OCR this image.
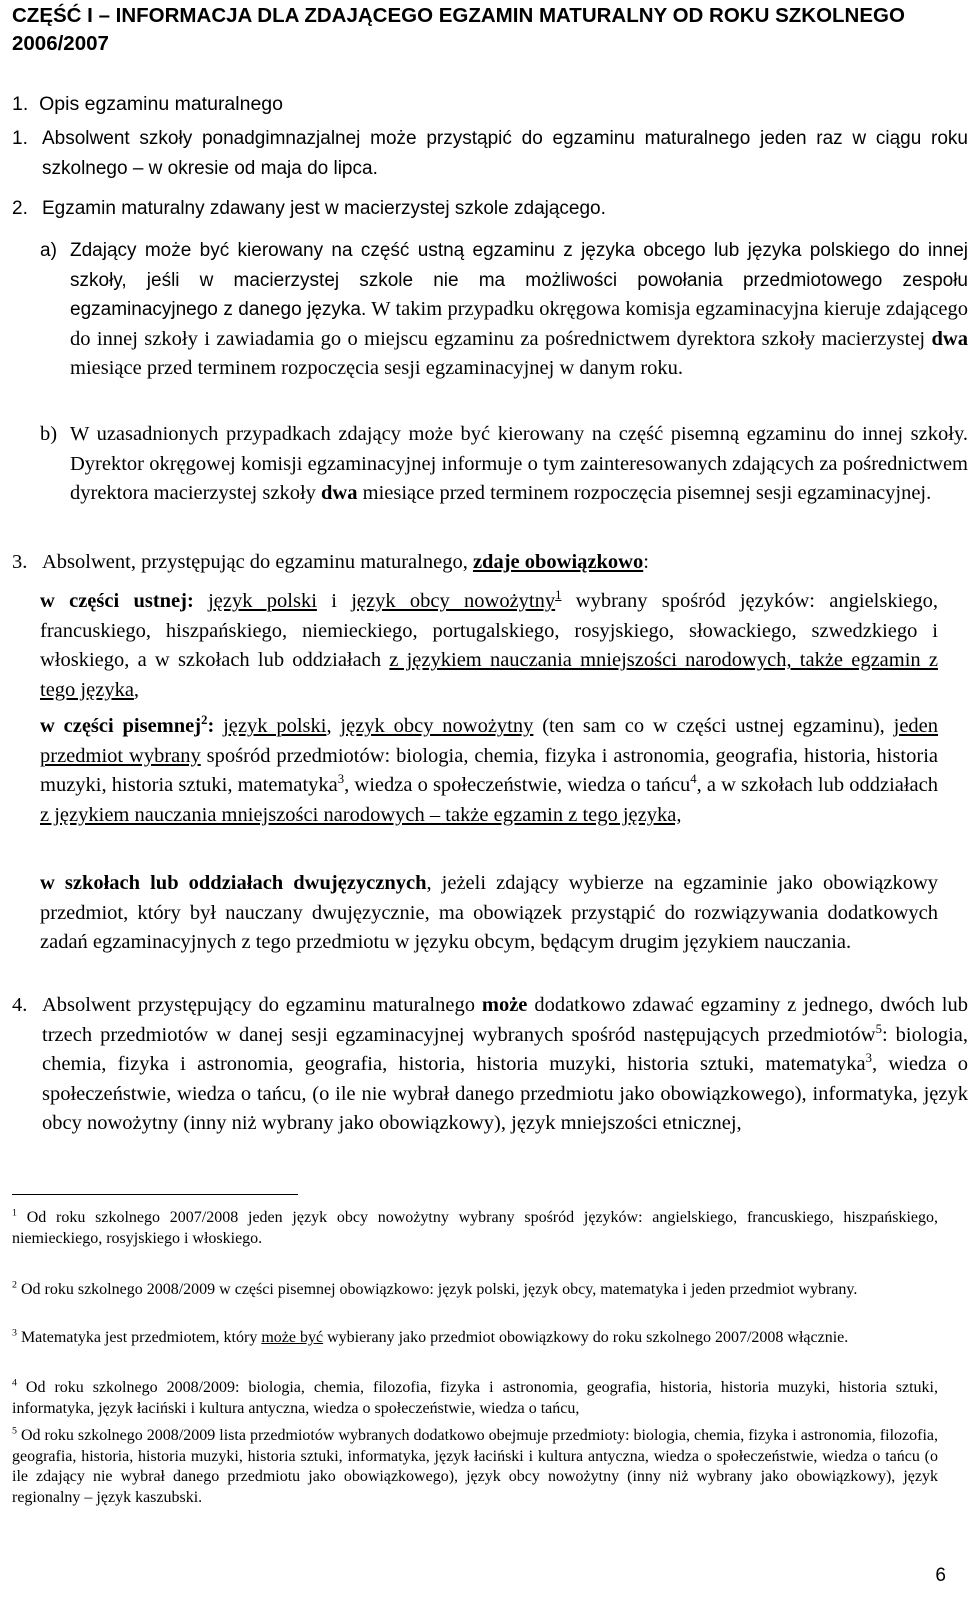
CZĘŚĆ I – INFORMACJA DLA ZDAJĄCEGO EGZAMIN MATURALNY OD ROKU SZKOLNEGO 2006/2007

1. Opis egzaminu maturalnego

1. Absolwent szkoły ponadgimnazjalnej może przystąpić do egzaminu maturalnego jeden raz w ciągu roku szkolnego – w okresie od maja do lipca.

2. Egzamin maturalny zdawany jest w macierzystej szkole zdającego.

a) Zdający może być kierowany na część ustną egzaminu z języka obcego lub języka polskiego do innej szkoły, jeśli w macierzystej szkole nie ma możliwości powołania przedmiotowego zespołu egzaminacyjnego z danego języka. W takim przypadku okręgowa komisja egzaminacyjna kieruje zdającego do innej szkoły i zawiadamia go o miejscu egzaminu za pośrednictwem dyrektora szkoły macierzystej dwa miesiące przed terminem rozpoczęcia sesji egzaminacyjnej w danym roku.

b) W uzasadnionych przypadkach zdający może być kierowany na część pisemną egzaminu do innej szkoły. Dyrektor okręgowej komisji egzaminacyjnej informuje o tym zainteresowanych zdających za pośrednictwem dyrektora macierzystej szkoły dwa miesiące przed terminem rozpoczęcia pisemnej sesji egzaminacyjnej.

3. Absolwent, przystępując do egzaminu maturalnego, zdaje obowiązkowo:

w części ustnej: język polski i język obcy nowożytny$^1$ wybrany spośród języków: angielskiego, francuskiego, hiszpańskiego, niemieckiego, portugalskiego, rosyjskiego, słowackiego, szwedzkiego i włoskiego, a w szkołach lub oddziałach z językiem nauczania mniejszości narodowych, także egzamin z tego języka,

w części pisemnej$^2$: język polski, język obcy nowożytny (ten sam co w części ustnej egzaminu), jeden przedmiot wybrany spośród przedmiotów: biologia, chemia, fizyka i astronomia, geografia, historia, historia muzyki, historia sztuki, matematyka$^3$, wiedza o społeczeństwie, wiedza o tańcu$^4$, a w szkołach lub oddziałach z językiem nauczania mniejszości narodowych – także egzamin z tego języka,

w szkołach lub oddziałach dwujęzycznych, jeżeli zdający wybierze na egzaminie jako obowiązkowy przedmiot, który był nauczany dwujęzycznie, ma obowiązek przystąpić do rozwiązywania dodatkowych zadań egzaminacyjnych z tego przedmiotu w języku obcym, będącym drugim językiem nauczania.

4. Absolwent przystępujący do egzaminu maturalnego może dodatkowo zdawać egzaminy z jednego, dwóch lub trzech przedmiotów w danej sesji egzaminacyjnej wybranych spośród następujących przedmiotów$^5$: biologia, chemia, fizyka i astronomia, geografia, historia, historia muzyki, historia sztuki, matematyka$^3$, wiedza o społeczeństwie, wiedza o tańcu, (o ile nie wybrał danego przedmiotu jako obowiązkowego), informatyka, język obcy nowożytny (inny niż wybrany jako obowiązkowy), język mniejszości etnicznej,

$^1$ Od roku szkolnego 2007/2008 jeden język obcy nowożytny wybrany spośród języków: angielskiego, francuskiego, hiszpańskiego, niemieckiego, rosyjskiego i włoskiego.

$^2$ Od roku szkolnego 2008/2009 w części pisemnej obowiązkowo: język polski, język obcy, matematyka i jeden przedmiot wybrany.

$^3$ Matematyka jest przedmiotem, który może być wybierany jako przedmiot obowiązkowy do roku szkolnego 2007/2008 włącznie.

$^4$ Od roku szkolnego 2008/2009: biologia, chemia, filozofia, fizyka i astronomia, geografia, historia, historia muzyki, historia sztuki, informatyka, język łaciński i kultura antyczna, wiedza o społeczeństwie, wiedza o tańcu,

$^5$ Od roku szkolnego 2008/2009 lista przedmiotów wybranych dodatkowo obejmuje przedmioty: biologia, chemia, fizyka i astronomia, filozofia, geografia, historia, historia muzyki, historia sztuki, informatyka, język łaciński i kultura antyczna, wiedza o społeczeństwie, wiedza o tańcu (o ile zdający nie wybrał danego przedmiotu jako obowiązkowego), język obcy nowożytny (inny niż wybrany jako obowiązkowy), język regionalny – język kaszubski.

6
